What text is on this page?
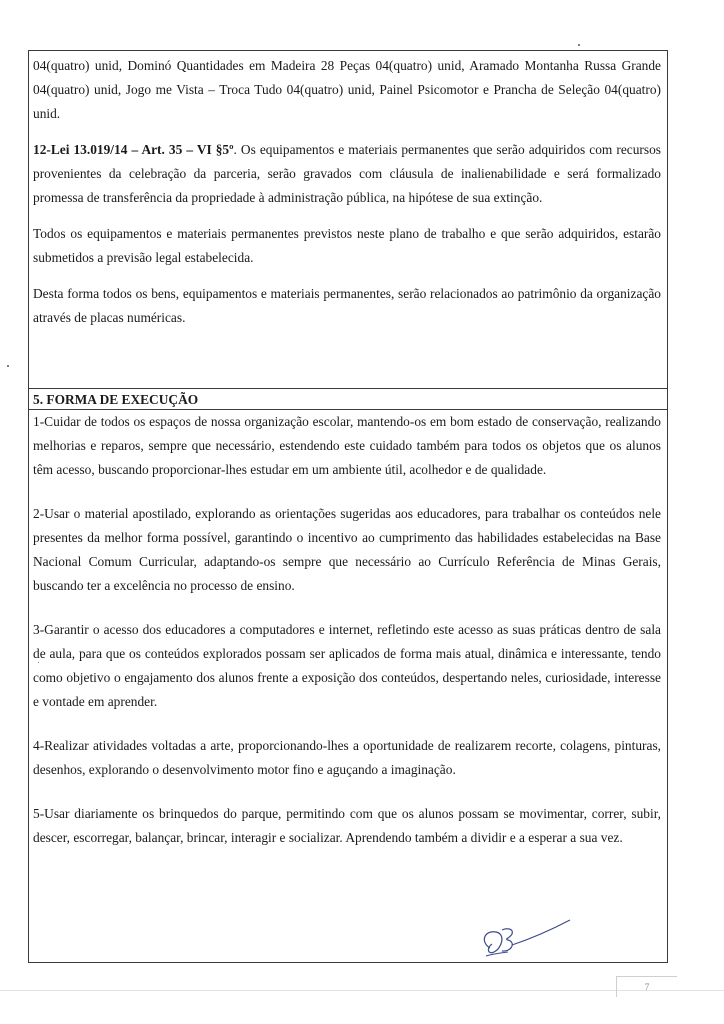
04(quatro) unid, Dominó Quantidades em Madeira 28 Peças 04(quatro) unid, Aramado Montanha Russa Grande 04(quatro) unid, Jogo me Vista – Troca Tudo 04(quatro) unid, Painel Psicomotor e Prancha de Seleção 04(quatro) unid.

12-Lei 13.019/14 – Art. 35 – VI §5º. Os equipamentos e materiais permanentes que serão adquiridos com recursos provenientes da celebração da parceria, serão gravados com cláusula de inalienabilidade e será formalizado promessa de transferência da propriedade à administração pública, na hipótese de sua extinção.

Todos os equipamentos e materiais permanentes previstos neste plano de trabalho e que serão adquiridos, estarão submetidos a previsão legal estabelecida.

Desta forma todos os bens, equipamentos e materiais permanentes, serão relacionados ao patrimônio da organização através de placas numéricas.

5. FORMA DE EXECUÇÃO

1-Cuidar de todos os espaços de nossa organização escolar, mantendo-os em bom estado de conservação, realizando melhorias e reparos, sempre que necessário, estendendo este cuidado também para todos os objetos que os alunos têm acesso, buscando proporcionar-lhes estudar em um ambiente útil, acolhedor e de qualidade.

2-Usar o material apostilado, explorando as orientações sugeridas aos educadores, para trabalhar os conteúdos nele presentes da melhor forma possível, garantindo o incentivo ao cumprimento das habilidades estabelecidas na Base Nacional Comum Curricular, adaptando-os sempre que necessário ao Currículo Referência de Minas Gerais, buscando ter a excelência no processo de ensino.

3-Garantir o acesso dos educadores a computadores e internet, refletindo este acesso as suas práticas dentro de sala de aula, para que os conteúdos explorados possam ser aplicados de forma mais atual, dinâmica e interessante, tendo como objetivo o engajamento dos alunos frente a exposição dos conteúdos, despertando neles, curiosidade, interesse e vontade em aprender.

4-Realizar atividades voltadas a arte, proporcionando-lhes a oportunidade de realizarem recorte, colagens, pinturas, desenhos, explorando o desenvolvimento motor fino e aguçando a imaginação.

5-Usar diariamente os brinquedos do parque, permitindo com que os alunos possam se movimentar, correr, subir, descer, escorregar, balançar, brincar, interagir e socializar. Aprendendo também a dividir e a esperar a sua vez.

7
